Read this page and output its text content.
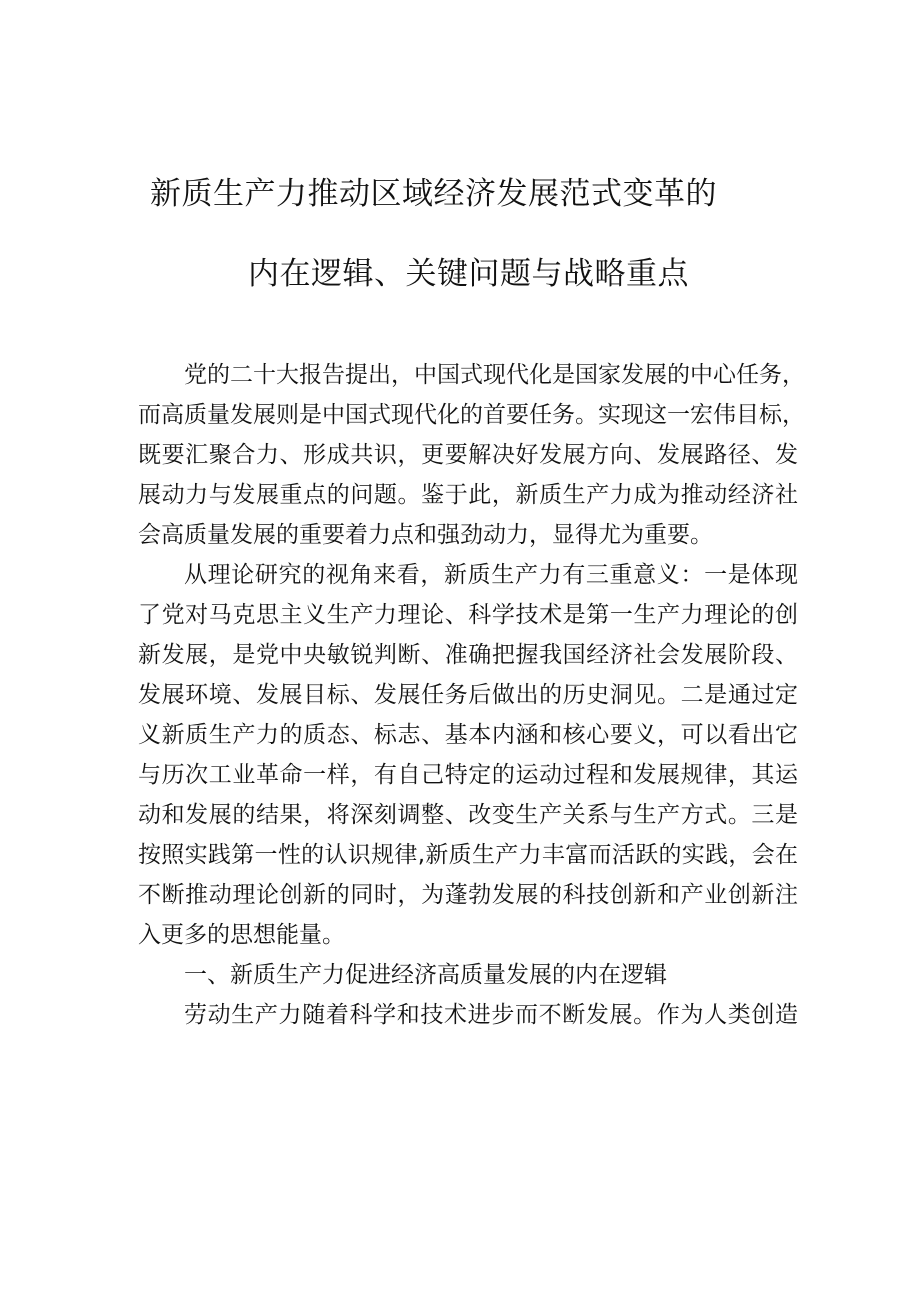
新质生产力推动区域经济发展范式变革的
内在逻辑、关键问题与战略重点
党的二十大报告提出，中国式现代化是国家发展的中心任务，
而高质量发展则是中国式现代化的首要任务。实现这一宏伟目标，
既要汇聚合力、形成共识，更要解决好发展方向、发展路径、发
展动力与发展重点的问题。鉴于此，新质生产力成为推动经济社
会高质量发展的重要着力点和强劲动力，显得尤为重要。
从理论研究的视角来看，新质生产力有三重意义：一是体现
了党对马克思主义生产力理论、科学技术是第一生产力理论的创
新发展，是党中央敏锐判断、准确把握我国经济社会发展阶段、
发展环境、发展目标、发展任务后做出的历史洞见。二是通过定
义新质生产力的质态、标志、基本内涵和核心要义，可以看出它
与历次工业革命一样，有自己特定的运动过程和发展规律，其运
动和发展的结果，将深刻调整、改变生产关系与生产方式。三是
按照实践第一性的认识规律,新质生产力丰富而活跃的实践，会在
不断推动理论创新的同时，为蓬勃发展的科技创新和产业创新注
入更多的思想能量。
一、新质生产力促进经济高质量发展的内在逻辑
劳动生产力随着科学和技术进步而不断发展。作为人类创造
